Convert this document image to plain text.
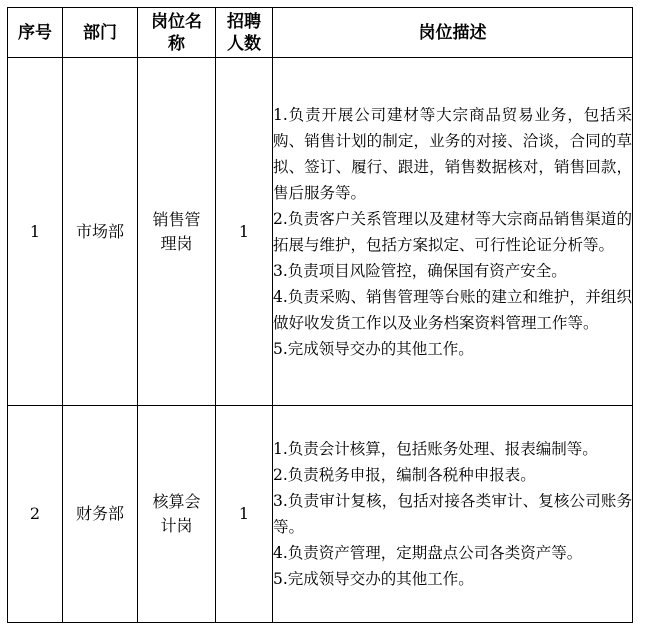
序号	部门	岗位名称	招聘人数	岗位描述
1	市场部	销售管理岗	1	1.负责开展公司建材等大宗商品贸易业务，包括采购、销售计划的制定，业务的对接、洽谈，合同的草拟、签订、履行、跟进，销售数据核对，销售回款，售后服务等。
2.负责客户关系管理以及建材等大宗商品销售渠道的拓展与维护，包括方案拟定、可行性论证分析等。
3.负责项目风险管控，确保国有资产安全。
4.负责采购、销售管理等台账的建立和维护，并组织做好收发货工作以及业务档案资料管理工作等。
5.完成领导交办的其他工作。

2	财务部	核算会计岗	1	1.负责会计核算，包括账务处理、报表编制等。
2.负责税务申报，编制各税种申报表。
3.负责审计复核，包括对接各类审计、复核公司账务等。
4.负责资产管理，定期盘点公司各类资产等。
5.完成领导交办的其他工作。
